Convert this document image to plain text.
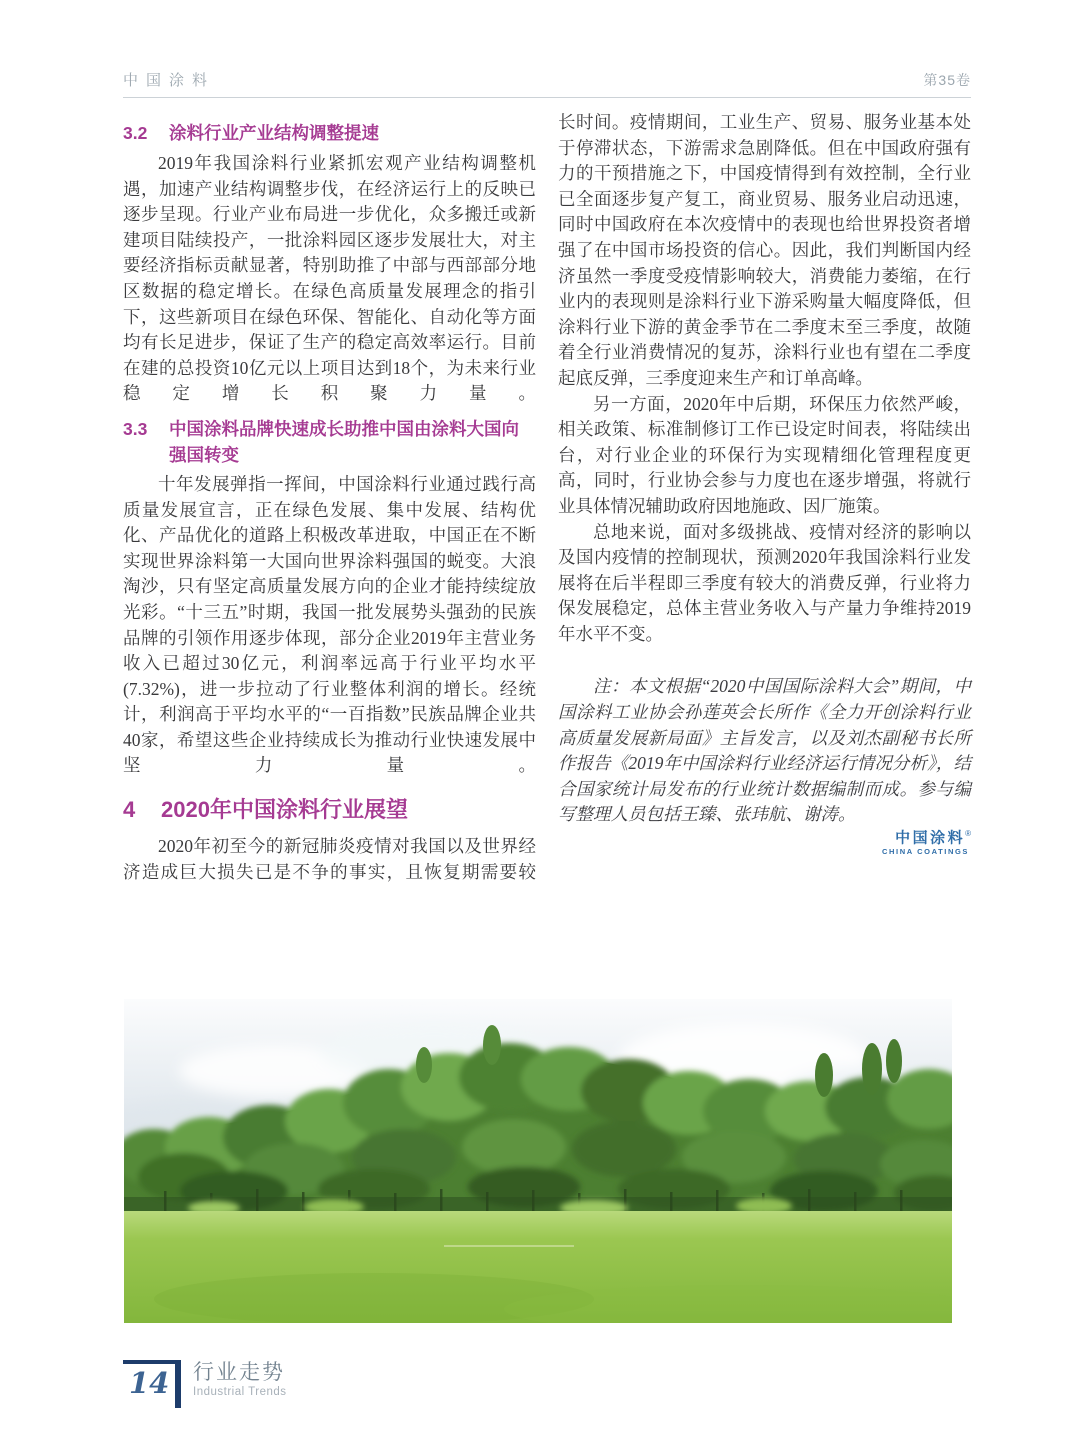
中国涂料	第35卷
3.2	涂料行业产业结构调整提速

2019年我国涂料行业紧抓宏观产业结构调整机遇，加速产业结构调整步伐，在经济运行上的反映已逐步呈现。行业产业布局进一步优化，众多搬迁或新建项目陆续投产，一批涂料园区逐步发展壮大，对主要经济指标贡献显著，特别助推了中部与西部部分地区数据的稳定增长。在绿色高质量发展理念的指引下，这些新项目在绿色环保、智能化、自动化等方面均有长足进步，保证了生产的稳定高效率运行。目前在建的总投资10亿元以上项目达到18个，为未来行业稳定增长积聚力量。

3.3	中国涂料品牌快速成长助推中国由涂料大国向强国转变

十年发展弹指一挥间，中国涂料行业通过践行高质量发展宣言，正在绿色发展、集中发展、结构优化、产品优化的道路上积极改革进取，中国正在不断实现世界涂料第一大国向世界涂料强国的蜕变。大浪淘沙，只有坚定高质量发展方向的企业才能持续绽放光彩。“十三五”时期，我国一批发展势头强劲的民族品牌的引领作用逐步体现，部分企业2019年主营业务收入已超过30亿元，利润率远高于行业平均水平(7.32%)，进一步拉动了行业整体利润的增长。经统计，利润高于平均水平的“一百指数”民族品牌企业共40家，希望这些企业持续成长为推动行业快速发展中坚力量。

4	2020年中国涂料行业展望

2020年初至今的新冠肺炎疫情对我国以及世界经济造成巨大损失已是不争的事实，且恢复期需要较

长时间。疫情期间，工业生产、贸易、服务业基本处于停滞状态，下游需求急剧降低。但在中国政府强有力的干预措施之下，中国疫情得到有效控制，全行业已全面逐步复产复工，商业贸易、服务业启动迅速，同时中国政府在本次疫情中的表现也给世界投资者增强了在中国市场投资的信心。因此，我们判断国内经济虽然一季度受疫情影响较大，消费能力萎缩，在行业内的表现则是涂料行业下游采购量大幅度降低，但涂料行业下游的黄金季节在二季度末至三季度，故随着全行业消费情况的复苏，涂料行业也有望在二季度起底反弹，三季度迎来生产和订单高峰。

另一方面，2020年中后期，环保压力依然严峻，相关政策、标准制修订工作已设定时间表，将陆续出台，对行业企业的环保行为实现精细化管理程度更高，同时，行业协会参与力度也在逐步增强，将就行业具体情况辅助政府因地施政、因厂施策。

总地来说，面对多级挑战、疫情对经济的影响以及国内疫情的控制现状，预测2020年我国涂料行业发展将在后半程即三季度有较大的消费反弹，行业将力保发展稳定，总体主营业务收入与产量力争维持2019年水平不变。

注：本文根据“2020中国国际涂料大会”期间，中国涂料工业协会孙莲英会长所作《全力开创涂料行业高质量发展新局面》主旨发言，以及刘杰副秘书长所作报告《2019年中国涂料行业经济运行情况分析》，结合国家统计局发布的行业统计数据编制而成。参与编写整理人员包括王臻、张玮航、谢涛。

中国涂料®
CHINA COATINGS
14 行业走势
Industrial Trends
